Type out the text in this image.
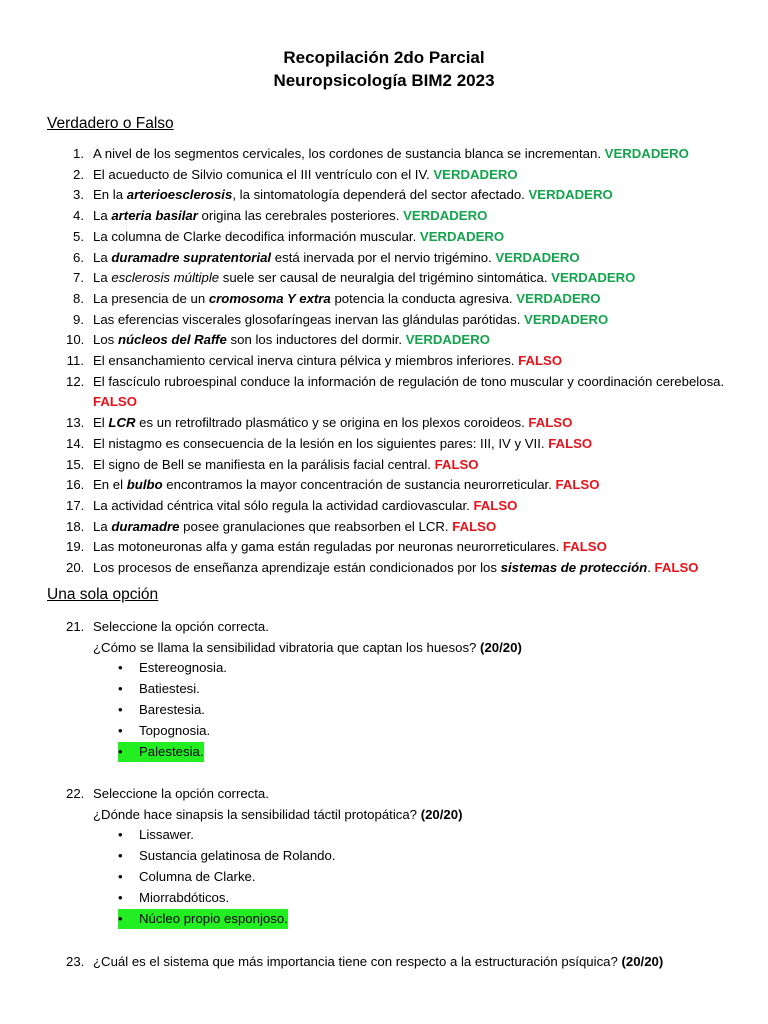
Recopilación 2do Parcial
Neuropsicología BIM2 2023
Verdadero o Falso
1. A nivel de los segmentos cervicales, los cordones de sustancia blanca se incrementan. VERDADERO
2. El acueducto de Silvio comunica el III ventrículo con el IV. VERDADERO
3. En la arterioesclerosis, la sintomatología dependerá del sector afectado. VERDADERO
4. La arteria basilar origina las cerebrales posteriores. VERDADERO
5. La columna de Clarke decodifica información muscular. VERDADERO
6. La duramadre supratentorial está inervada por el nervio trigémino. VERDADERO
7. La esclerosis múltiple suele ser causal de neuralgia del trigémino sintomática. VERDADERO
8. La presencia de un cromosoma Y extra potencia la conducta agresiva. VERDADERO
9. Las eferencias viscerales glosofaríngeas inervan las glándulas parótidas. VERDADERO
10. Los núcleos del Raffe son los inductores del dormir. VERDADERO
11. El ensanchamiento cervical inerva cintura pélvica y miembros inferiores. FALSO
12. El fascículo rubroespinal conduce la información de regulación de tono muscular y coordinación cerebelosa. FALSO
13. El LCR es un retrofiltrado plasmático y se origina en los plexos coroideos. FALSO
14. El nistagmo es consecuencia de la lesión en los siguientes pares: III, IV y VII. FALSO
15. El signo de Bell se manifiesta en la parálisis facial central. FALSO
16. En el bulbo encontramos la mayor concentración de sustancia neurorreticular. FALSO
17. La actividad céntrica vital sólo regula la actividad cardiovascular. FALSO
18. La duramadre posee granulaciones que reabsorben el LCR. FALSO
19. Las motoneuronas alfa y gama están reguladas por neuronas neurorreticulares. FALSO
20. Los procesos de enseñanza aprendizaje están condicionados por los sistemas de protección. FALSO
Una sola opción
21. Seleccione la opción correcta.
¿Cómo se llama la sensibilidad vibratoria que captan los huesos? (20/20)
• Estereognosia.
• Batiestesi.
• Barestesia.
• Topognosia.
•	Palestesia.
22. Seleccione la opción correcta.
¿Dónde hace sinapsis la sensibilidad táctil protopática? (20/20)
• Lissawer.
• Sustancia gelatinosa de Rolando.
• Columna de Clarke.
• Miorrabdóticos.
•	Núcleo propio esponjoso.
23. ¿Cuál es el sistema que más importancia tiene con respecto a la estructuración psíquica? (20/20)
